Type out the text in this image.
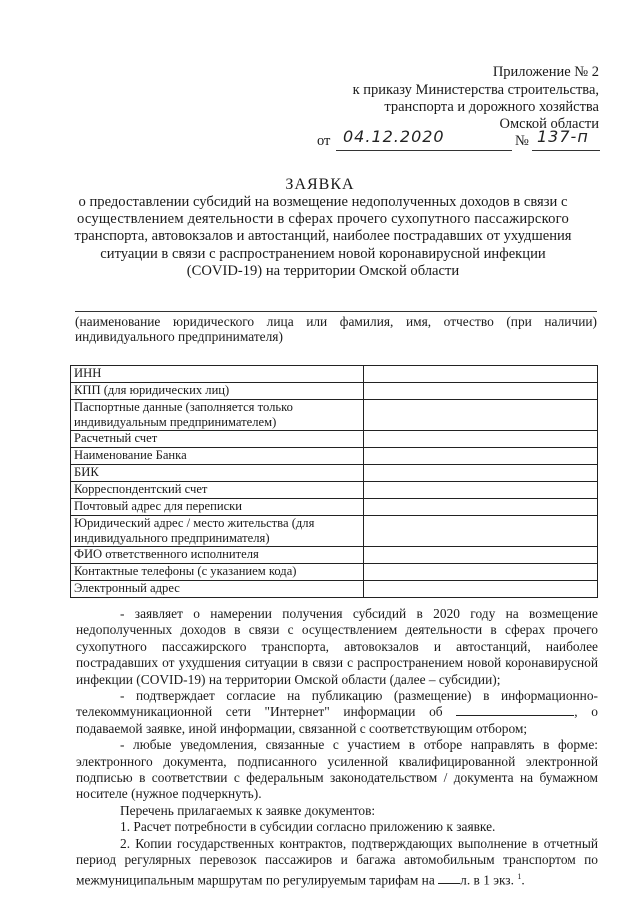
Приложение № 2
к приказу Министерства строительства,
транспорта и дорожного хозяйства
Омской области
от 04.12.2020	№ 137-п
ЗАЯВКА
о предоставлении субсидий на возмещение недополученных доходов в связи с
осуществлением деятельности в сферах прочего сухопутного пассажирского
транспорта, автовокзалов и автостанций, наиболее пострадавших от ухудшения
ситуации в связи с распространением новой коронавирусной инфекции
(COVID-19) на территории Омской области
(наименование юридического лица или фамилия, имя, отчество (при наличии)
индивидуального предпринимателя)
ИНН	
КПП (для юридических лиц)	
Паспортные данные (заполняется только индивидуальным предпринимателем)	
Расчетный счет	
Наименование Банка	
БИК	
Корреспондентский счет	
Почтовый адрес для переписки	
Юридический адрес / место жительства (для индивидуального предпринимателя)	
ФИО ответственного исполнителя	
Контактные телефоны (с указанием кода)	
Электронный адрес	

- заявляет о намерении получения субсидий в 2020 году на возмещение недополученных доходов в связи с осуществлением деятельности в сферах прочего сухопутного пассажирского транспорта, автовокзалов и автостанций, наиболее пострадавших от ухудшения ситуации в связи с распространением новой коронавирусной инфекции (COVID-19) на территории Омской области (далее – субсидии);

- подтверждает согласие на публикацию (размещение) в информационно-телекоммуникационной сети "Интернет" информации об	, о подаваемой заявке, иной информации, связанной с соответствующим отбором;

- любые уведомления, связанные с участием в отборе направлять в форме: электронного документа, подписанного усиленной квалифицированной электронной подписью в соответствии с федеральным законодательством / документа на бумажном носителе (нужное подчеркнуть).

Перечень прилагаемых к заявке документов:

1. Расчет потребности в субсидии согласно приложению к заявке.

2. Копии государственных контрактов, подтверждающих выполнение в отчетный период регулярных перевозок пассажиров и багажа автомобильным транспортом по межмуниципальным маршрутам по регулируемым тарифам на л. в 1 экз. $^1$.
